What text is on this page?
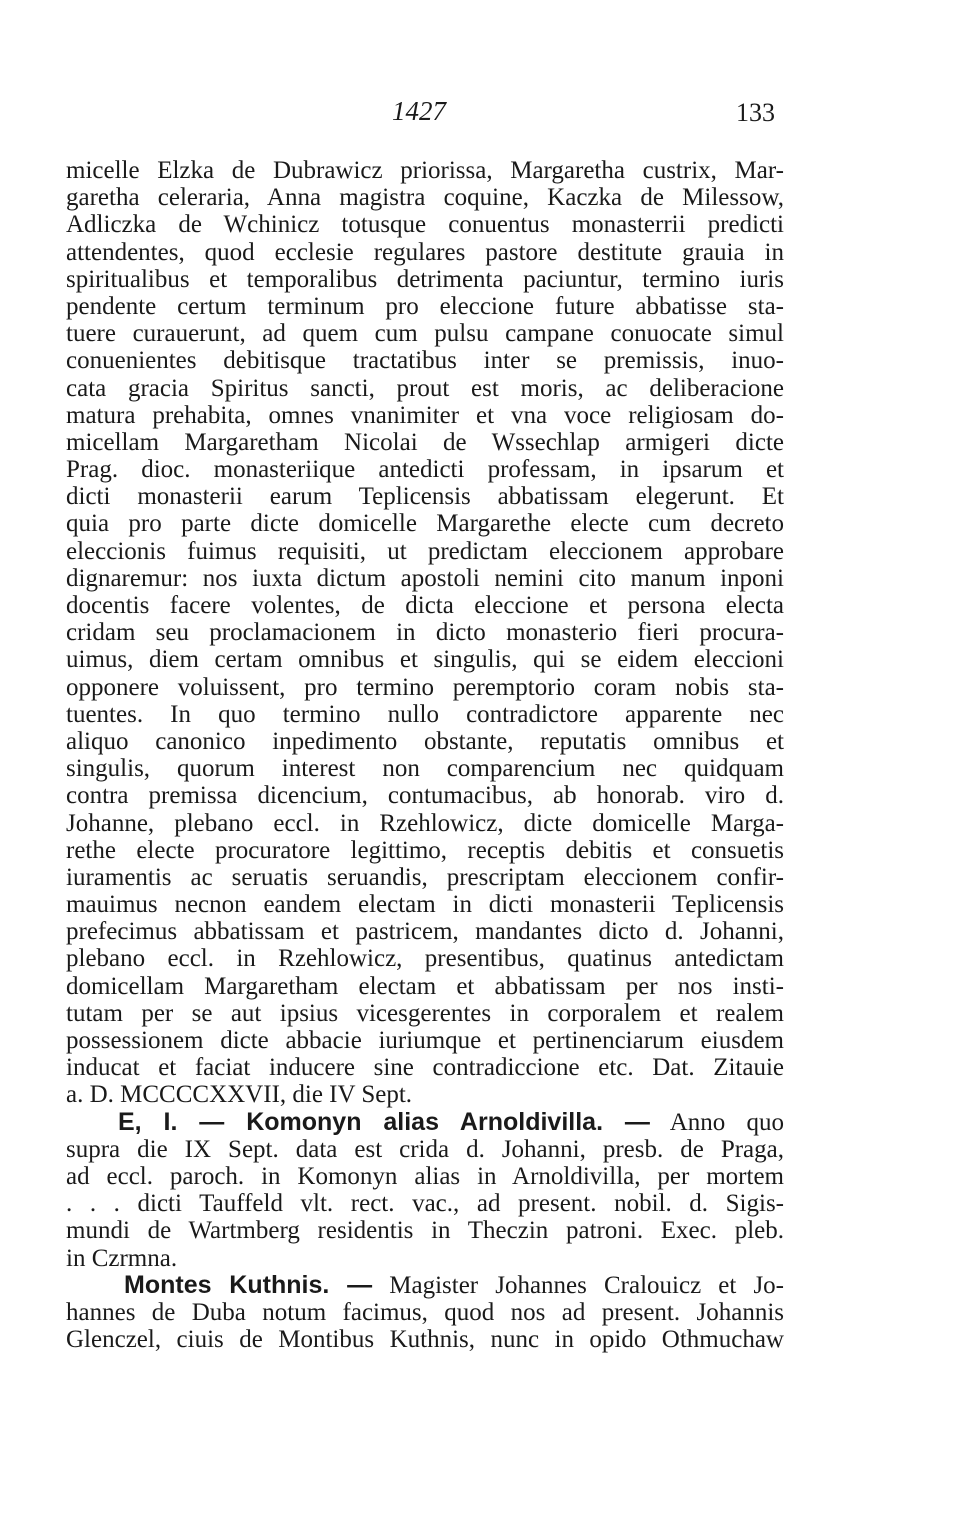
1427	133
micelle Elzka de Dubrawicz priorissa, Margaretha custrix, Mar-
garetha celeraria, Anna magistra coquine, Kaczka de Milessow,
Adliczka de Wchinicz totusque conuentus monasterrii predicti
attendentes, quod ecclesie regulares pastore destitute grauia in
spiritualibus et temporalibus detrimenta paciuntur, termino iuris
pendente certum terminum pro eleccione future abbatisse sta-
tuere curauerunt, ad quem cum pulsu campane conuocate simul
conuenientes debitisque tractatibus inter se premissis, inuo-
cata gracia Spiritus sancti, prout est moris, ac deliberacione
matura prehabita, omnes vnanimiter et vna voce religiosam do-
micellam Margaretham Nicolai de Wssechlap armigeri dicte
Prag. dioc. monasteriique antedicti professam, in ipsarum et
dicti monasterii earum Teplicensis abbatissam elegerunt. Et
quia pro parte dicte domicelle Margarethe electe cum decreto
eleccionis fuimus requisiti, ut predictam eleccionem approbare
dignaremur: nos iuxta dictum apostoli nemini cito manum inponi
docentis facere volentes, de dicta eleccione et persona electa
cridam seu proclamacionem in dicto monasterio fieri procura-
uimus, diem certam omnibus et singulis, qui se eidem eleccioni
opponere voluissent, pro termino peremptorio coram nobis sta-
tuentes. In quo termino nullo contradictore apparente nec
aliquo canonico inpedimento obstante, reputatis omnibus et
singulis, quorum interest non comparencium nec quidquam
contra premissa dicencium, contumacibus, ab honorab. viro d.
Johanne, plebano eccl. in Rzehlowicz, dicte domicelle Marga-
rethe electe procuratore legittimo, receptis debitis et consuetis
iuramentis ac seruatis seruandis, prescriptam eleccionem confir-
mauimus necnon eandem electam in dicti monasterii Teplicensis
prefecimus abbatissam et pastricem, mandantes dicto d. Johanni,
plebano eccl. in Rzehlowicz, presentibus, quatinus antedictam
domicellam Margaretham electam et abbatissam per nos insti-
tutam per se aut ipsius vicesgerentes in corporalem et realem
possessionem dicte abbacie iuriumque et pertinenciarum eiusdem
inducat et faciat inducere sine contradiccione etc. Dat. Zitauie
a. D. MCCCCXXVII, die IV Sept.
E, I. — Komonyn alias Arnoldivilla. — Anno quo
supra die IX Sept. data est crida d. Johanni, presb. de Praga,
ad eccl. paroch. in Komonyn alias in Arnoldivilla, per mortem
. . . dicti Tauffeld vlt. rect. vac., ad present. nobil. d. Sigis-
mundi de Wartmberg residentis in Theczin patroni. Exec. pleb.
in Czrmna.
Montes Kuthnis. — Magister Johannes Cralouicz et Jo-
hannes de Duba notum facimus, quod nos ad present. Johannis
Glenczel, ciuis de Montibus Kuthnis, nunc in opido Othmuchaw
